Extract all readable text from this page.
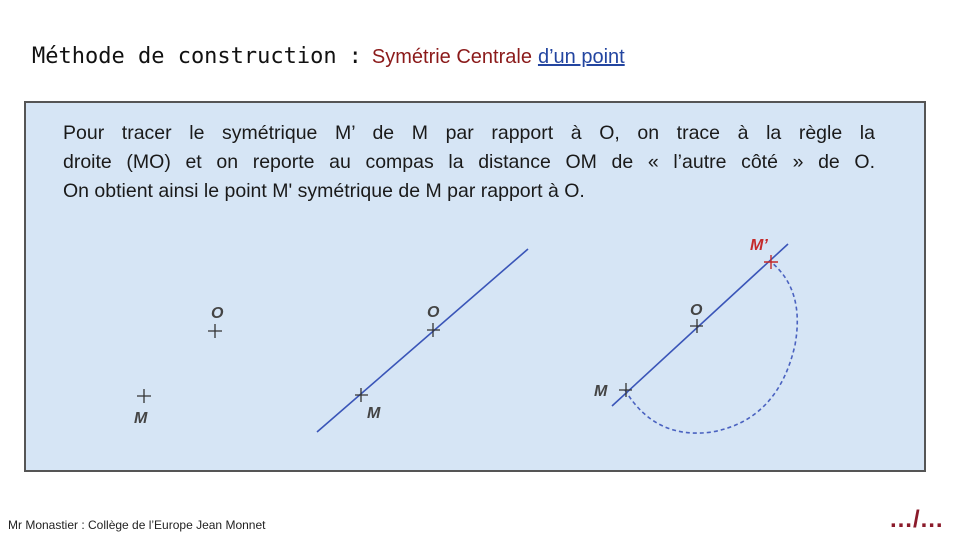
Méthode de construction : Symétrie Centrale d’un point

Pour tracer le symétrique M’ de M par rapport à O, on trace à la règle la
droite (MO) et on reporte au compas la distance OM de « l’autre côté » de O.
On obtient ainsi le point M' symétrique de M par rapport à O.

O
M
O
M
O
M
M’
Mr Monastier : Collège de l’Europe Jean Monnet	…/…
